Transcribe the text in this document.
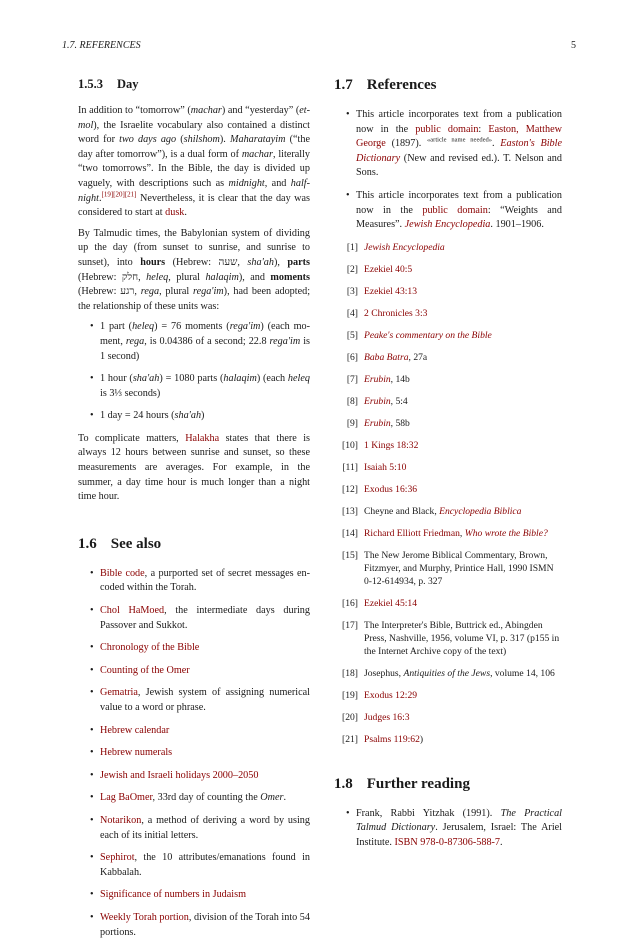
1.7. REFERENCES	5
1.5.3 Day

In addition to “tomorrow” (machar) and “yesterday” (etmol), the Israelite vocabulary also contained a distinct word for two days ago (shilshom). Maharatayim (“the day after tomorrow”), is a dual form of machar, literally “two tomorrows”. In the Bible, the day is divided up vaguely, with descriptions such as midnight, and half-night.[19][20][21] Nevertheless, it is clear that the day was considered to start at dusk.

By Talmudic times, the Babylonian system of dividing up the day (from sunset to sunrise, and sunrise to sunset), into hours (Hebrew: שעה, sha'ah), parts (Hebrew: חלק, heleq, plural halaqim), and moments (Hebrew: רגע, rega, plural rega'im), had been adopted; the relationship of these units was:

• 1 part (heleq) = 76 moments (rega'im) (each moment, rega, is 0.04386 of a second; 22.8 rega'im is 1 second)
• 1 hour (sha'ah) = 1080 parts (halaqim) (each heleq is 3⅓ seconds)
• 1 day = 24 hours (sha'ah)

To complicate matters, Halakha states that there is always 12 hours between sunrise and sunset, so these measurements are averages. For example, in the summer, a day time hour is much longer than a night time hour.

1.6 See also
• Bible code, a purported set of secret messages encoded within the Torah.
• Chol HaMoed, the intermediate days during Passover and Sukkot.
• Chronology of the Bible
• Counting of the Omer
• Gematria, Jewish system of assigning numerical value to a word or phrase.
• Hebrew calendar
• Hebrew numerals
• Jewish and Israeli holidays 2000–2050
• Lag BaOmer, 33rd day of counting the Omer.
• Notarikon, a method of deriving a word by using each of its initial letters.
• Sephirot, the 10 attributes/emanations found in Kabbalah.
• Significance of numbers in Judaism
• Weekly Torah portion, division of the Torah into 54 portions.
1.7 References
• This article incorporates text from a publication now in the public domain: Easton, Matthew George (1897). $^{«article name needed»}$. Easton's Bible Dictionary (New and revised ed.). T. Nelson and Sons.
• This article incorporates text from a publication now in the public domain: “Weights and Measures”. Jewish Encyclopedia. 1901–1906.
[1] Jewish Encyclopedia
[2] Ezekiel 40:5
[3] Ezekiel 43:13
[4] 2 Chronicles 3:3
[5] Peake's commentary on the Bible
[6] Baba Batra, 27a
[7] Erubin, 14b
[8] Erubin, 5:4
[9] Erubin, 58b
[10] 1 Kings 18:32
[11] Isaiah 5:10
[12] Exodus 16:36
[13] Cheyne and Black, Encyclopedia Biblica
[14] Richard Elliott Friedman, Who wrote the Bible?
[15] The New Jerome Biblical Commentary, Brown, Fitzmyer, and Murphy, Printice Hall, 1990 ISMN 0-12-614934, p. 327
[16] Ezekiel 45:14
[17] The Interpreter's Bible, Buttrick ed., Abingden Press, Nashville, 1956, volume VI, p. 317 (p155 in the Internet Archive copy of the text)
[18] Josephus, Antiquities of the Jews, volume 14, 106
[19] Exodus 12:29
[20] Judges 16:3
[21] Psalms 119:62)
1.8 Further reading
• Frank, Rabbi Yitzhak (1991). The Practical Talmud Dictionary. Jerusalem, Israel: The Ariel Institute. ISBN 978-0-87306-588-7.
